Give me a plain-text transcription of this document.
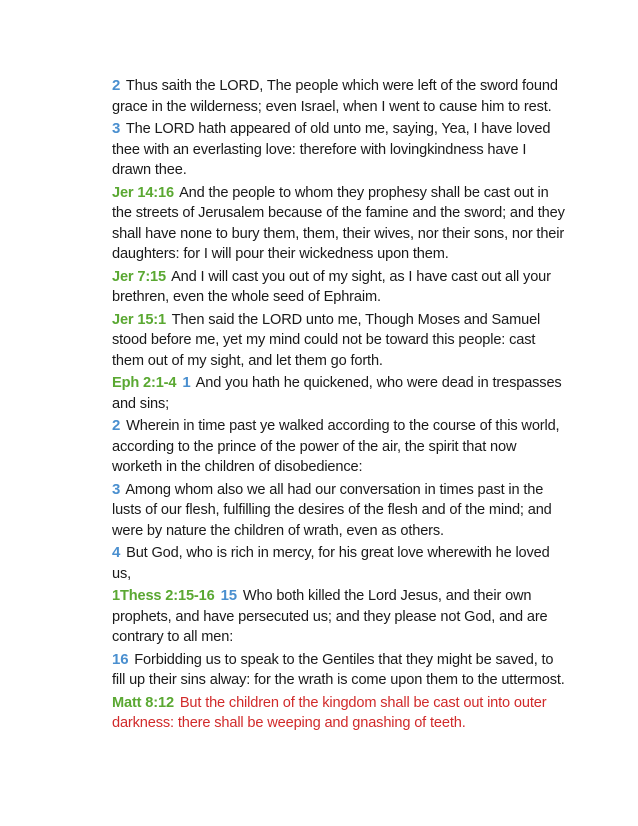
2 Thus saith the LORD, The people which were left of the sword found grace in the wilderness; even Israel, when I went to cause him to rest.

3 The LORD hath appeared of old unto me, saying, Yea, I have loved thee with an everlasting love: therefore with lovingkindness have I drawn thee.

Jer 14:16 And the people to whom they prophesy shall be cast out in the streets of Jerusalem because of the famine and the sword; and they shall have none to bury them, them, their wives, nor their sons, nor their daughters: for I will pour their wickedness upon them.

Jer 7:15 And I will cast you out of my sight, as I have cast out all your brethren, even the whole seed of Ephraim.

Jer 15:1 Then said the LORD unto me, Though Moses and Samuel stood before me, yet my mind could not be toward this people: cast them out of my sight, and let them go forth.

Eph 2:1-4 1 And you hath he quickened, who were dead in trespasses and sins;

2 Wherein in time past ye walked according to the course of this world, according to the prince of the power of the air, the spirit that now worketh in the children of disobedience:

3 Among whom also we all had our conversation in times past in the lusts of our flesh, fulfilling the desires of the flesh and of the mind; and were by nature the children of wrath, even as others.

4 But God, who is rich in mercy, for his great love wherewith he loved us,

1Thess 2:15-16 15 Who both killed the Lord Jesus, and their own prophets, and have persecuted us; and they please not God, and are contrary to all men:

16 Forbidding us to speak to the Gentiles that they might be saved, to fill up their sins alway: for the wrath is come upon them to the uttermost.

Matt 8:12 But the children of the kingdom shall be cast out into outer darkness: there shall be weeping and gnashing of teeth.
